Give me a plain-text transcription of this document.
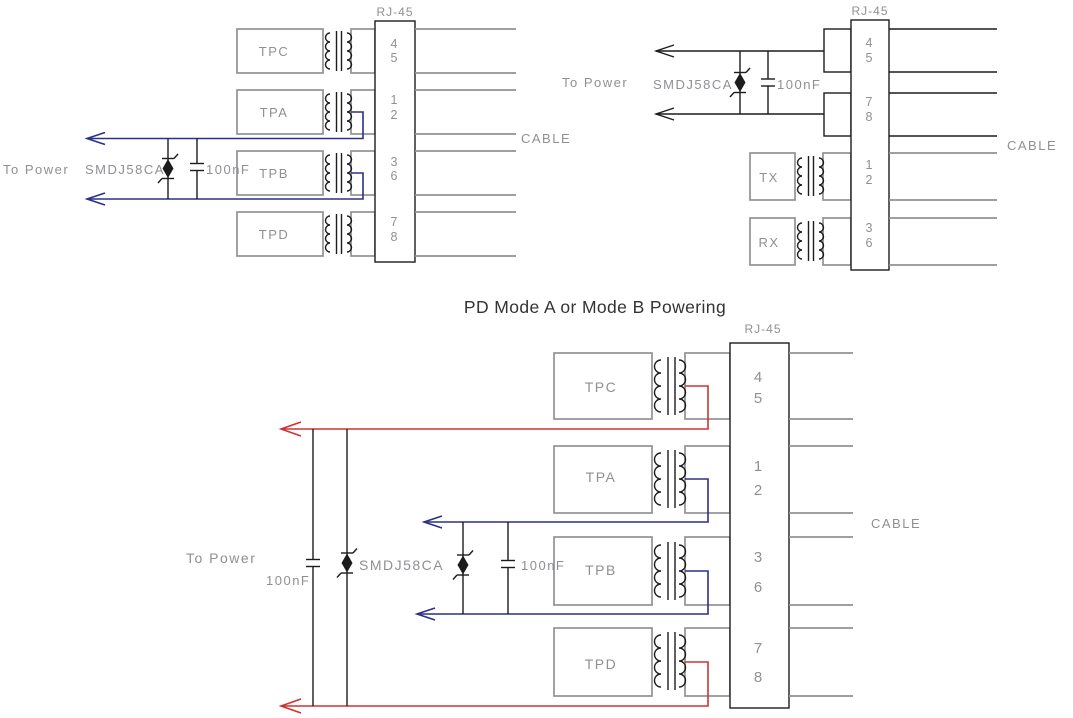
TPC
TPA
TPB
TPD
RJ-45
4
5
1
2
3
6
7
8
CABLE
To Power SMDJ58CA	100nF
To Power SMDJ58CA	100nF
TX
RX
RJ-45
4
5
7
8
1
2
3
6
CABLE
PD Mode A or Mode B Powering
TPC
TPA
TPB
TPD
RJ-45
4
5
1
2
3
6
7
8
CABLE
To Power
100nF
SMDJ58CA	100nF
